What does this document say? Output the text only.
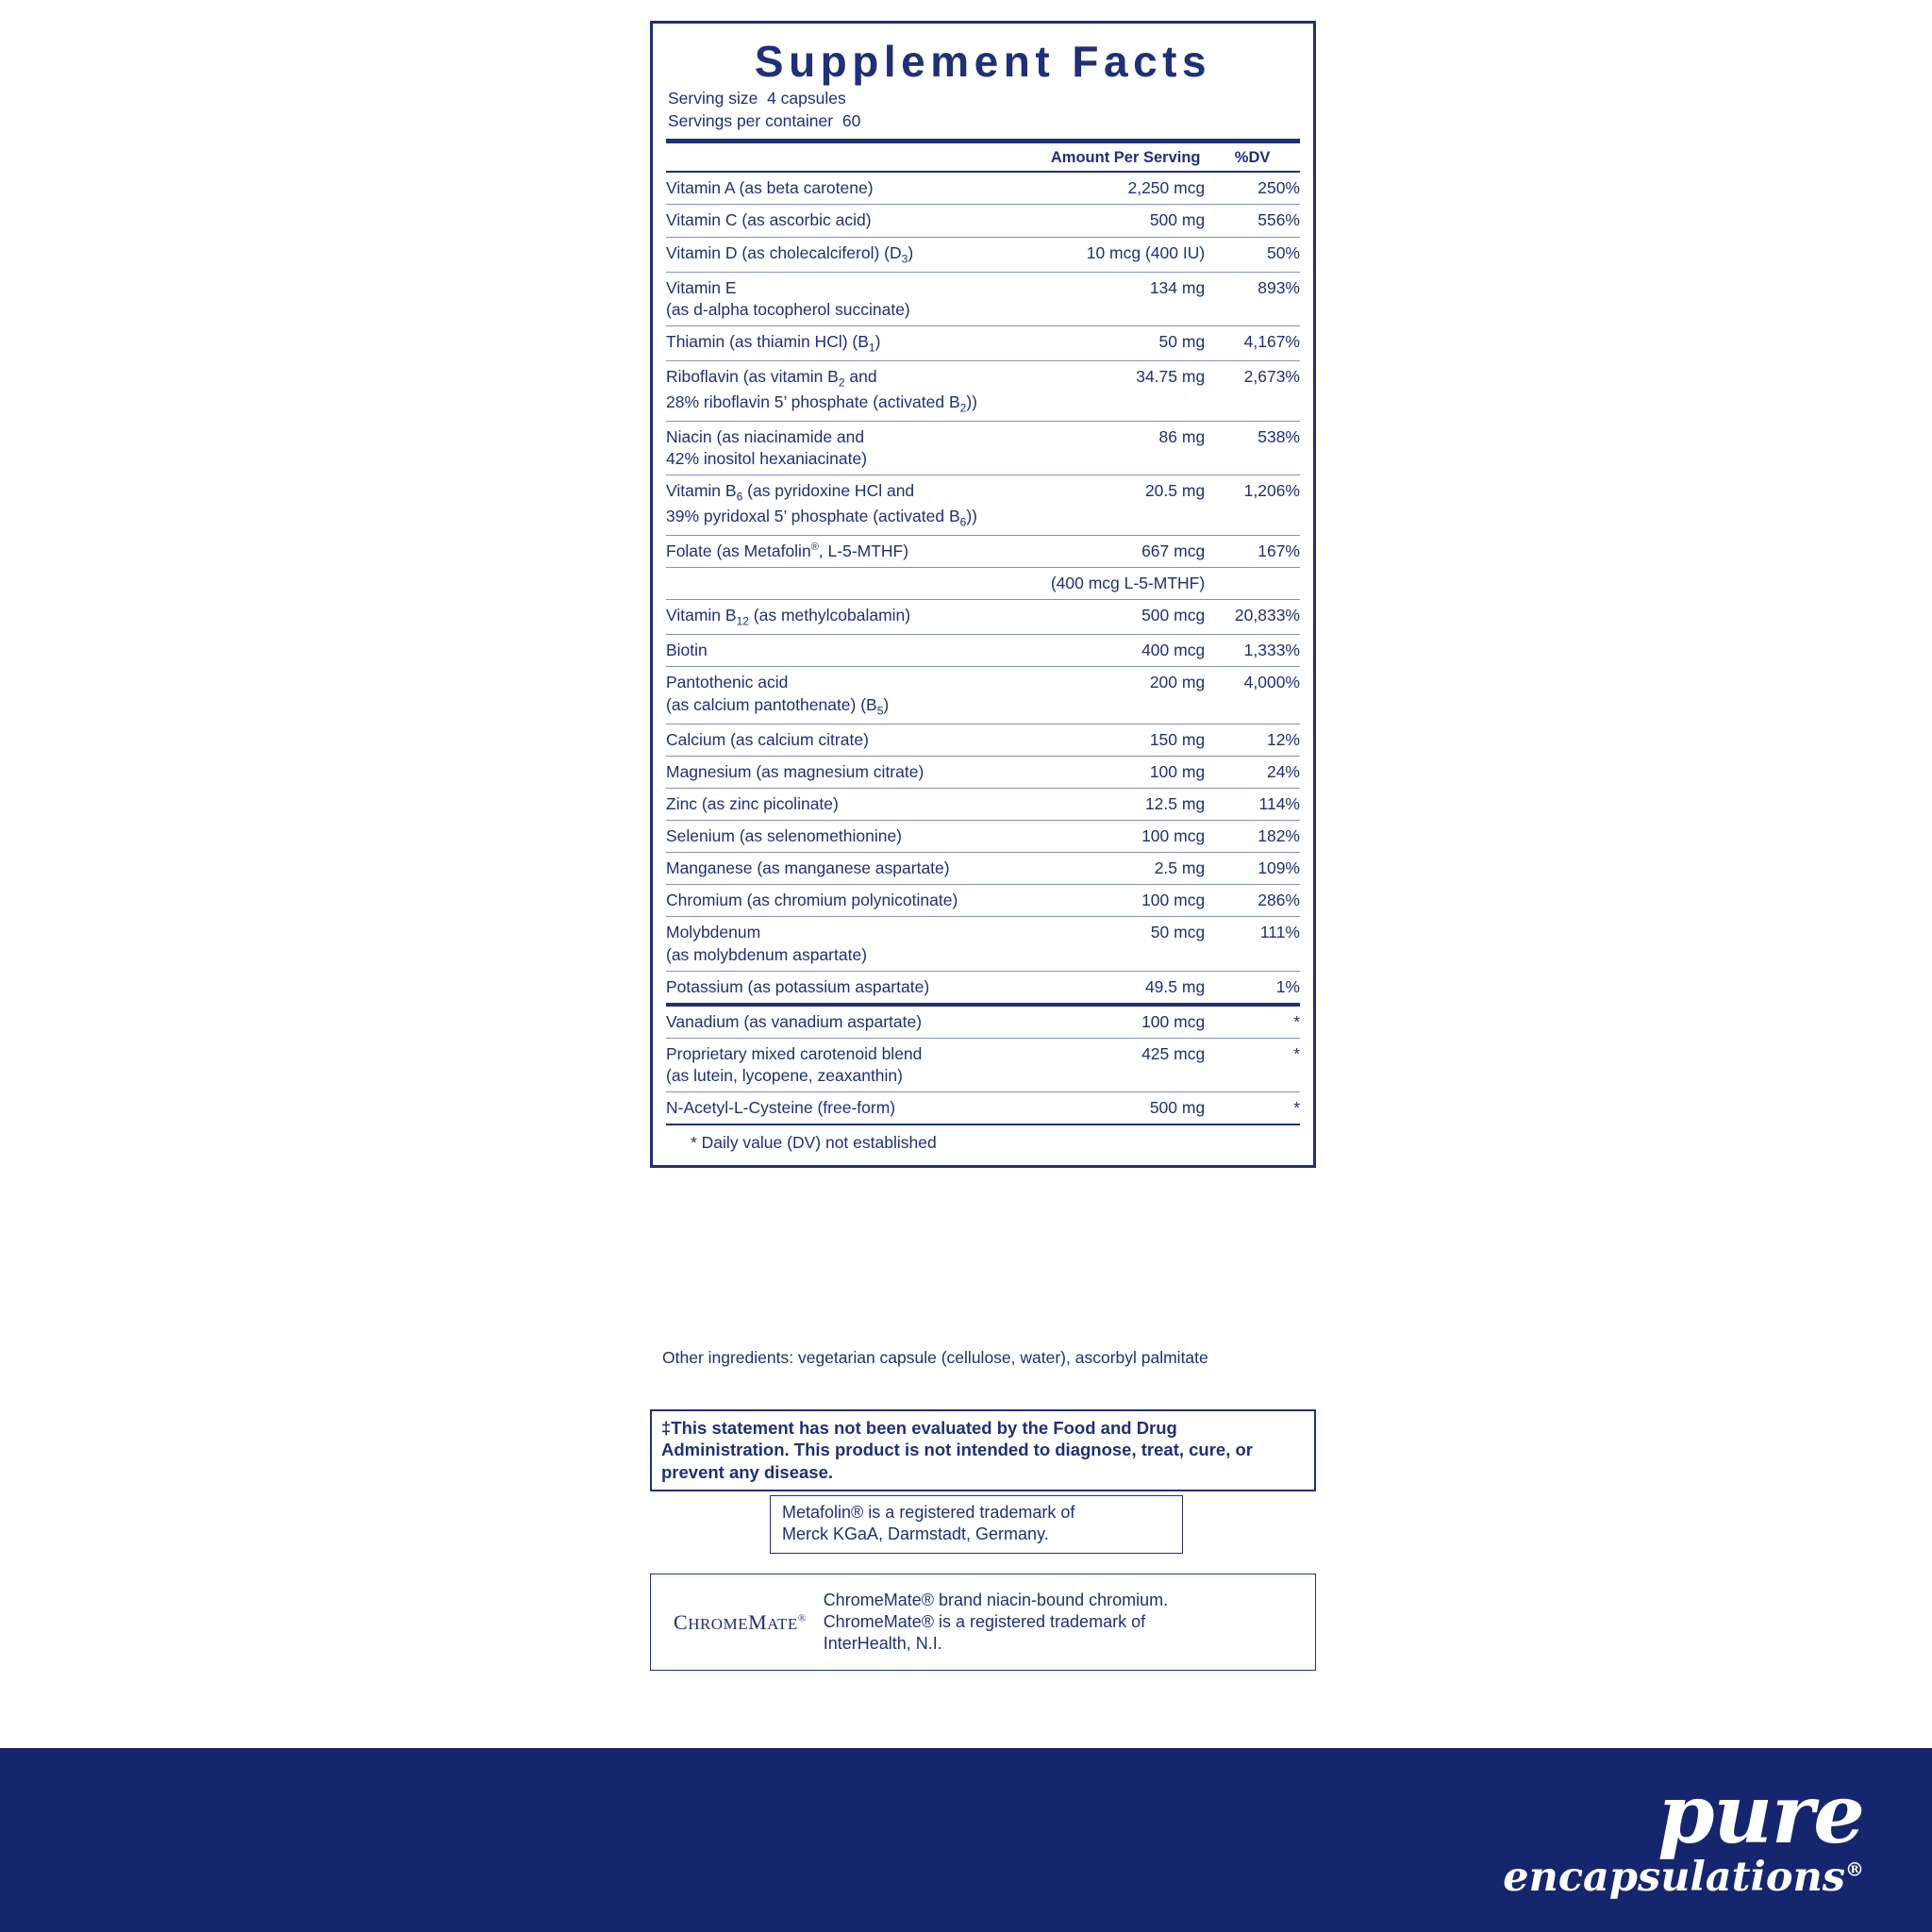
Supplement Facts
Serving size 4 capsules
Servings per container 60
	Amount Per Serving	%DV
Vitamin A (as beta carotene)	2,250 mcg	250%
Vitamin C (as ascorbic acid)	500 mg	556%
Vitamin D (as cholecalciferol) $(D_3)$	10 mcg (400 IU)	50%

Vitamin E
(as d-alpha tocopherol succinate)	134 mg	893%
Thiamin (as thiamin HCl) $(B_1)$	50 mg	4,167%

Riboflavin (as vitamin $B_2$ and
28% riboflavin 5’ phosphate (activated $B_2$))	34.75 mg	2,673%

Niacin (as niacinamide and
42% inositol hexaniacinate)	86 mg	538%

Vitamin $B_6$ (as pyridoxine HCl and
39% pyridoxal 5’ phosphate (activated $B_6$))	20.5 mg	1,206%
Folate (as Metafolin®, L-5-MTHF)	667 mcg	167%
	(400 mcg L-5-MTHF)	
Vitamin $B_{12}$ (as methylcobalamin)	500 mcg	20,833%
Biotin	400 mcg	1,333%

Pantothenic acid
(as calcium pantothenate) $(B_5)$	200 mg	4,000%
Calcium (as calcium citrate)	150 mg	12%
Magnesium (as magnesium citrate)	100 mg	24%
Zinc (as zinc picolinate)	12.5 mg	114%
Selenium (as selenomethionine)	100 mcg	182%
Manganese (as manganese aspartate)	2.5 mg	109%
Chromium (as chromium polynicotinate)	100 mcg	286%

Molybdenum
(as molybdenum aspartate)	50 mcg	111%
Potassium (as potassium aspartate)	49.5 mg	1%
Vanadium (as vanadium aspartate)	100 mcg	*

Proprietary mixed carotenoid blend
(as lutein, lycopene, zeaxanthin)	425 mcg	*
N-Acetyl-L-Cysteine (free-form)	500 mg	*
* Daily value (DV) not established
Other ingredients: vegetarian capsule (cellulose, water), ascorbyl palmitate
‡This statement has not been evaluated by the Food and Drug Administration. This product is not intended to diagnose, treat, cure, or prevent any disease.
Metafolin® is a registered trademark of
Merck KGaA, Darmstadt, Germany.
CHROMEMATE®
ChromeMate® brand niacin-bound chromium.
ChromeMate® is a registered trademark of
InterHealth, N.I.
pure
encapsulations®
